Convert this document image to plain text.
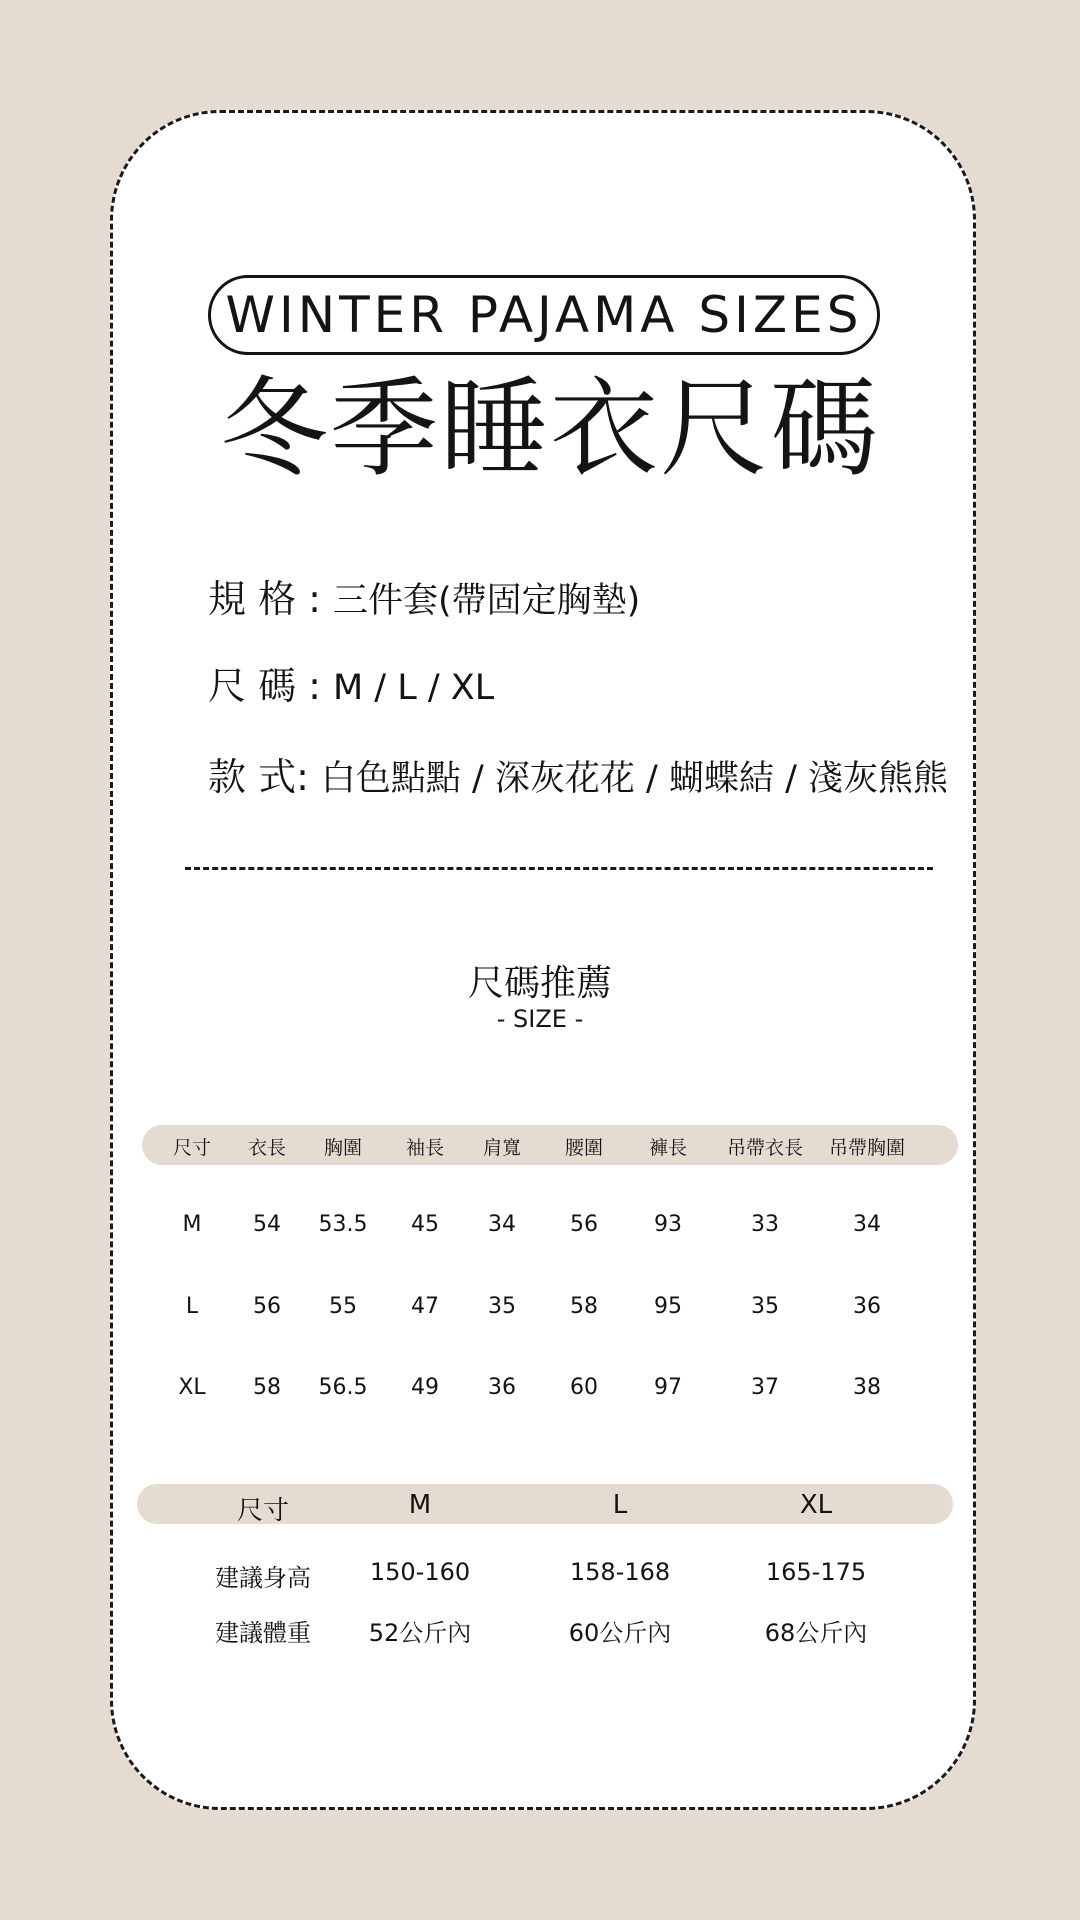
WINTER PAJAMA SIZES
冬季睡衣尺碼
規 格 : 三件套(帶固定胸墊)
尺 碼 : M / L / XL
款 式: 白色點點 / 深灰花花 / 蝴蝶結 / 淺灰熊熊
尺碼推薦
- SIZE -
尺寸 衣長 胸圍 袖長 肩寬 腰圍 褲長 吊帶衣長 吊帶胸圍
M 54 53.5 45 34 56	93	33	34
L 56 55 47 35 58	95	35	36
XL 58 56.5 49 36 60	97	37	38
尺寸	M	L	XL
建議身高 150-160	158-168	165-175
建議體重 52公斤內	60公斤內	68公斤內
